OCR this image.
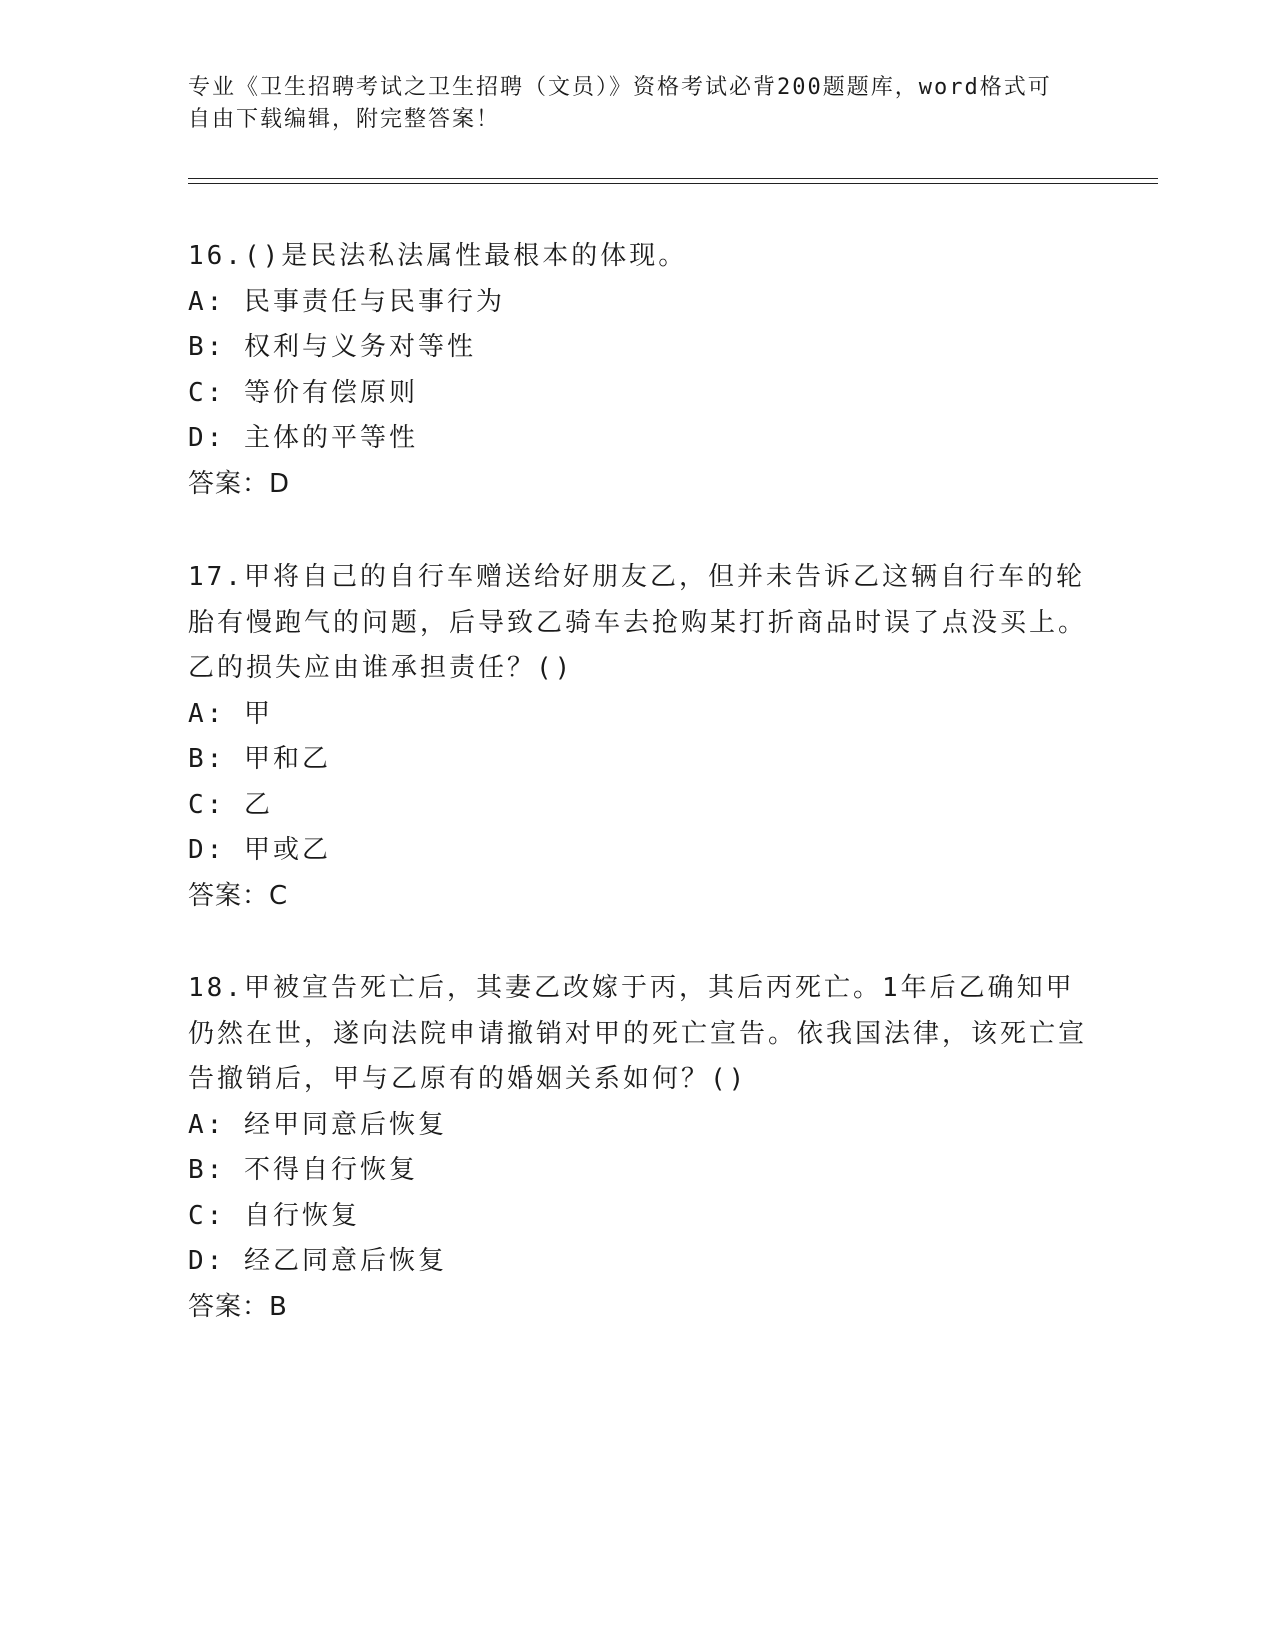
专业《卫生招聘考试之卫生招聘（文员）》资格考试必背200题题库，word格式可自由下载编辑，附完整答案！
16.()是民法私法属性最根本的体现。
A: 民事责任与民事行为
B: 权利与义务对等性
C: 等价有偿原则
D: 主体的平等性
答案：D
17.甲将自己的自行车赠送给好朋友乙，但并未告诉乙这辆自行车的轮胎有慢跑气的问题，后导致乙骑车去抢购某打折商品时误了点没买上。乙的损失应由谁承担责任？()
A: 甲
B: 甲和乙
C: 乙
D: 甲或乙
答案：C
18.甲被宣告死亡后，其妻乙改嫁于丙，其后丙死亡。1年后乙确知甲仍然在世，遂向法院申请撤销对甲的死亡宣告。依我国法律，该死亡宣告撤销后，甲与乙原有的婚姻关系如何？()
A: 经甲同意后恢复
B: 不得自行恢复
C: 自行恢复
D: 经乙同意后恢复
答案：B
